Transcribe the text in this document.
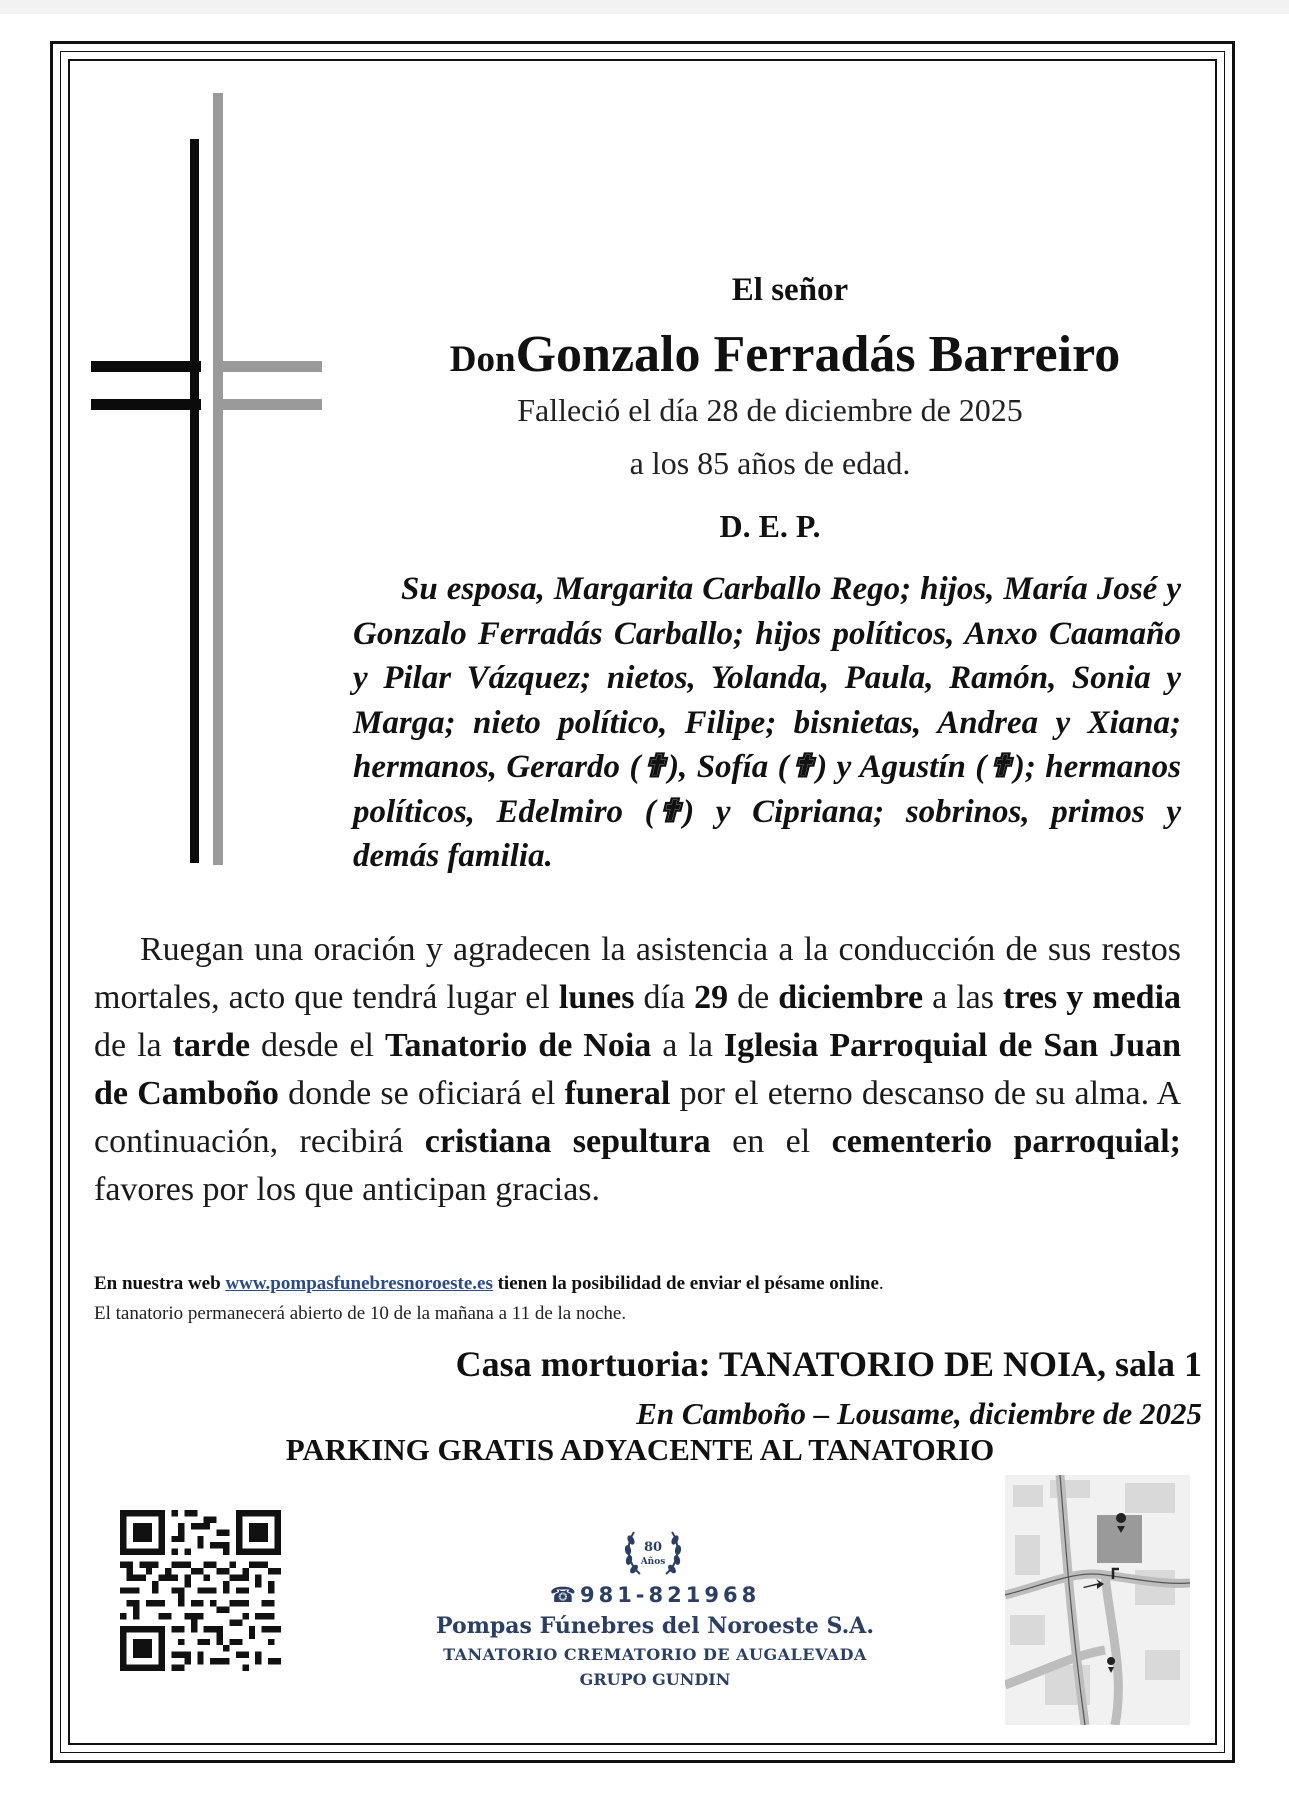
El señor
DonGonzalo Ferradás Barreiro
Falleció el día 28 de diciembre de 2025
a los 85 años de edad.
D. E. P.
Su esposa, Margarita Carballo Rego; hijos, María José y Gonzalo Ferradás Carballo; hijos políticos, Anxo Caamaño y Pilar Vázquez; nietos, Yolanda, Paula, Ramón, Sonia y Marga; nieto político, Filipe; bisnietas, Andrea y Xiana; hermanos, Gerardo (✟), Sofía (✟) y Agustín (✟); hermanos políticos, Edelmiro (✟) y Cipriana; sobrinos, primos y demás familia.
Ruegan una oración y agradecen la asistencia a la conducción de sus restos mortales, acto que tendrá lugar el lunes día 29 de diciembre a las tres y media de la tarde desde el Tanatorio de Noia a la Iglesia Parroquial de San Juan de Camboño donde se oficiará el funeral por el eterno descanso de su alma. A continuación, recibirá cristiana sepultura en el cementerio parroquial; favores por los que anticipan gracias.
En nuestra web www.pompasfunebresnoroeste.es tienen la posibilidad de enviar el pésame online.
El tanatorio permanecerá abierto de 10 de la mañana a 11 de la noche.
Casa mortuoria: TANATORIO DE NOIA, sala 1
En Camboño – Lousame, diciembre de 2025
PARKING GRATIS ADYACENTE AL TANATORIO
80
Años
☎981-821968
Pompas Fúnebres del Noroeste S.A.
TANATORIO CREMATORIO DE AUGALEVADA
GRUPO GUNDIN
